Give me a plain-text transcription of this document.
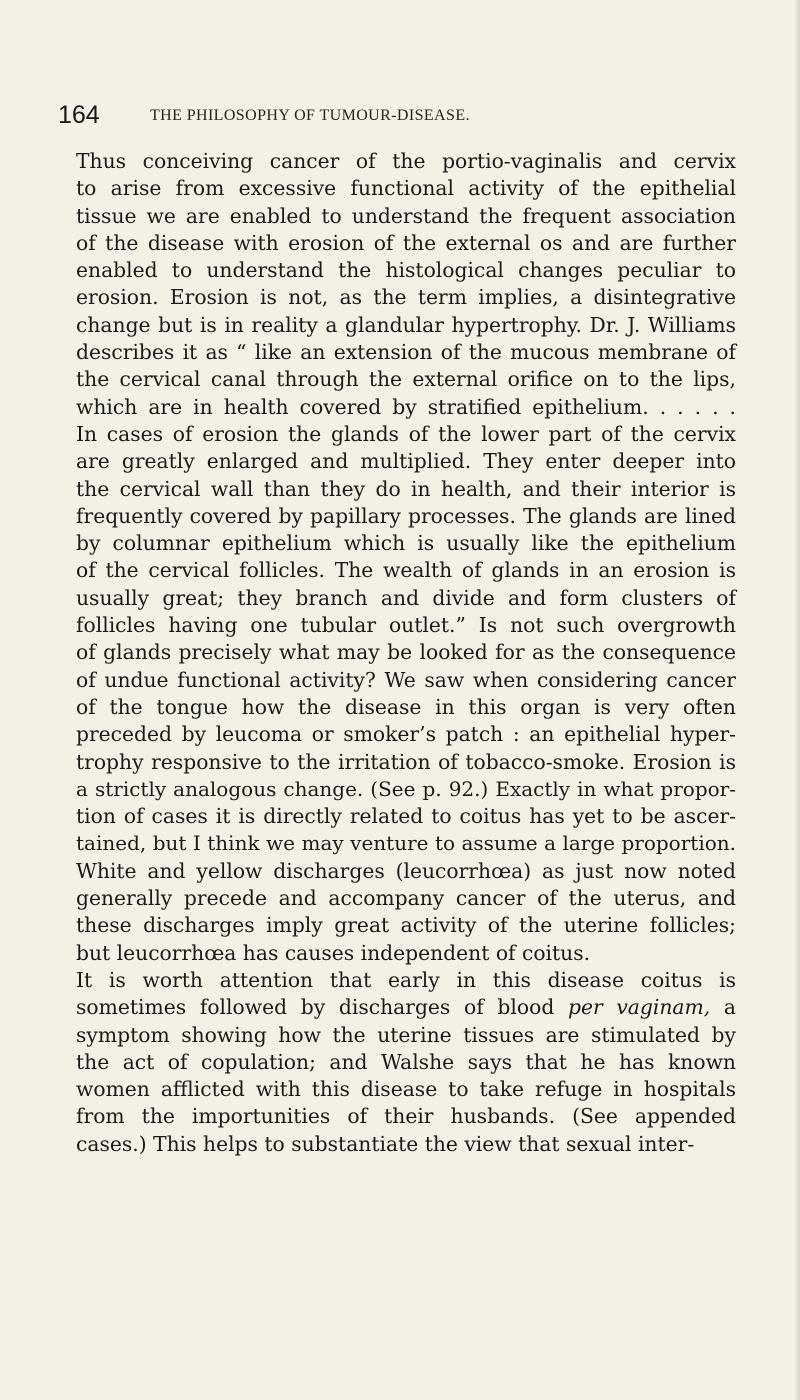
164	THE PHILOSOPHY OF TUMOUR-DISEASE.
Thus conceiving cancer of the portio-vaginalis and cervix
to arise from excessive functional activity of the epithelial
tissue we are enabled to understand the frequent association
of the disease with erosion of the external os and are further
enabled to understand the histological changes peculiar to
erosion. Erosion is not, as the term implies, a disintegrative
change but is in reality a glandular hypertrophy. Dr. J. Williams
describes it as “ like an extension of the mucous membrane of
the cervical canal through the external orifice on to the lips,
which are in health covered by stratified epithelium. . . . . .
In cases of erosion the glands of the lower part of the cervix
are greatly enlarged and multiplied. They enter deeper into
the cervical wall than they do in health, and their interior is
frequently covered by papillary processes. The glands are lined
by columnar epithelium which is usually like the epithelium
of the cervical follicles. The wealth of glands in an erosion is
usually great; they branch and divide and form clusters of
follicles having one tubular outlet.” Is not such overgrowth
of glands precisely what may be looked for as the consequence
of undue functional activity? We saw when considering cancer
of the tongue how the disease in this organ is very often
preceded by leucoma or smoker’s patch : an epithelial hyper-
trophy responsive to the irritation of tobacco-smoke. Erosion is
a strictly analogous change. (See p. 92.) Exactly in what propor-
tion of cases it is directly related to coitus has yet to be ascer-
tained, but I think we may venture to assume a large proportion.
White and yellow discharges (leucorrhœa) as just now noted
generally precede and accompany cancer of the uterus, and
these discharges imply great activity of the uterine follicles;
but leucorrhœa has causes independent of coitus.
It is worth attention that early in this disease coitus is
sometimes followed by discharges of blood per vaginam, a
symptom showing how the uterine tissues are stimulated by
the act of copulation; and Walshe says that he has known
women afflicted with this disease to take refuge in hospitals
from the importunities of their husbands. (See appended
cases.) This helps to substantiate the view that sexual inter-
